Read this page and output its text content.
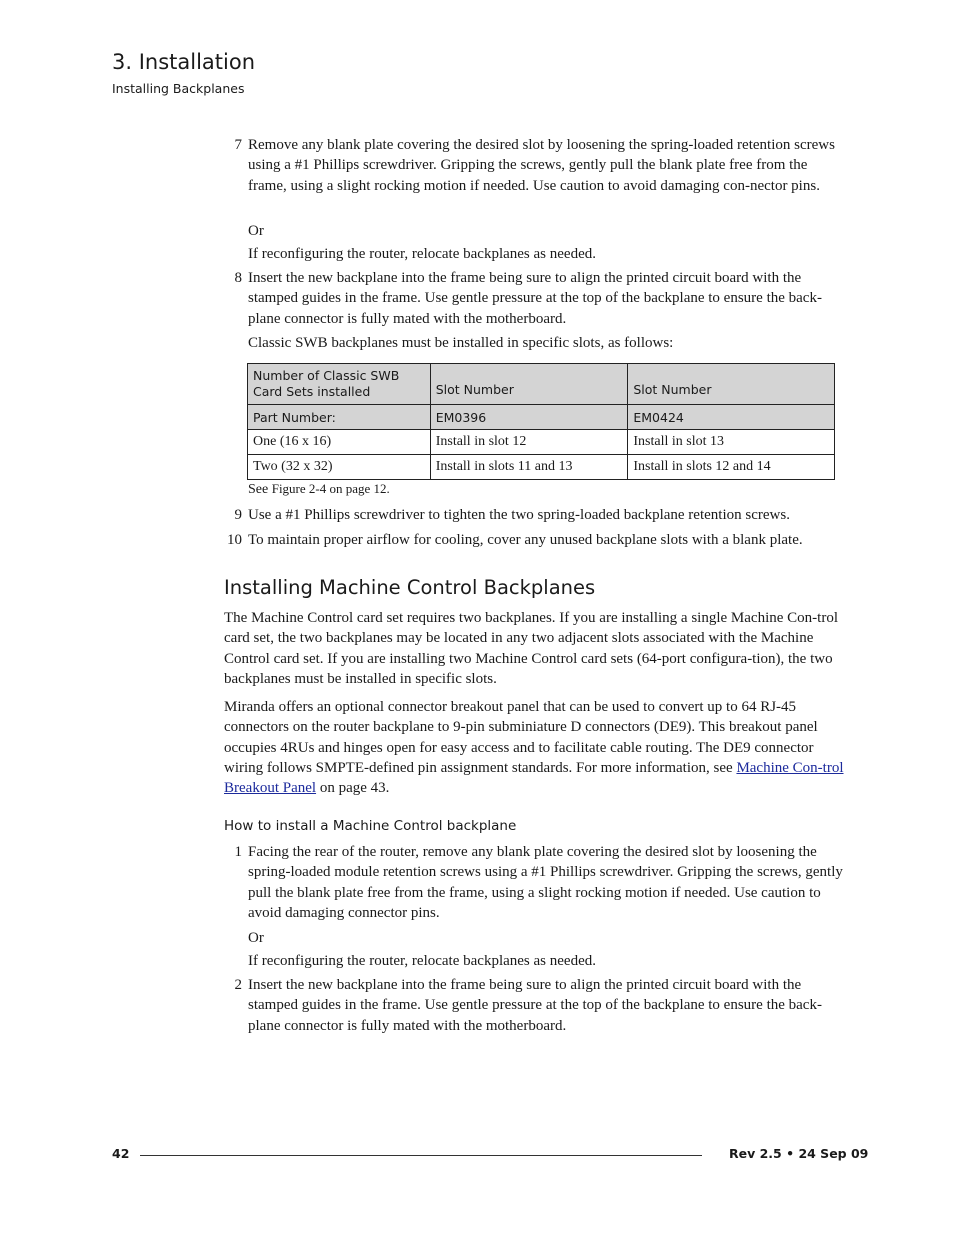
3. Installation
Installing Backplanes
7 Remove any blank plate covering the desired slot by loosening the spring-loaded retention screws using a #1 Phillips screwdriver. Gripping the screws, gently pull the blank plate free from the frame, using a slight rocking motion if needed. Use caution to avoid damaging con-nector pins.
Or
If reconfiguring the router, relocate backplanes as needed.
8 Insert the new backplane into the frame being sure to align the printed circuit board with the stamped guides in the frame. Use gentle pressure at the top of the backplane to ensure the back-plane connector is fully mated with the motherboard.
Classic SWB backplanes must be installed in specific slots, as follows:
Number of Classic SWB Card Sets installed	Slot Number	Slot Number
Part Number:	EM0396	EM0424
One (16 x 16)	Install in slot 12	Install in slot 13
Two (32 x 32)	Install in slots 11 and 13	Install in slots 12 and 14
See Figure 2-4 on page 12.
9 Use a #1 Phillips screwdriver to tighten the two spring-loaded backplane retention screws.
10 To maintain proper airflow for cooling, cover any unused backplane slots with a blank plate.
Installing Machine Control Backplanes
The Machine Control card set requires two backplanes. If you are installing a single Machine Con-trol card set, the two backplanes may be located in any two adjacent slots associated with the Machine Control card set. If you are installing two Machine Control card sets (64-port configura-tion), the two backplanes must be installed in specific slots.
Miranda offers an optional connector breakout panel that can be used to convert up to 64 RJ-45 connectors on the router backplane to 9-pin subminiature D connectors (DE9). This breakout panel occupies 4RUs and hinges open for easy access and to facilitate cable routing. The DE9 connector wiring follows SMPTE-defined pin assignment standards. For more information, see Machine Con-trol Breakout Panel on page 43.
How to install a Machine Control backplane
1 Facing the rear of the router, remove any blank plate covering the desired slot by loosening the spring-loaded module retention screws using a #1 Phillips screwdriver. Gripping the screws, gently pull the blank plate free from the frame, using a slight rocking motion if needed. Use caution to avoid damaging connector pins.
Or
If reconfiguring the router, relocate backplanes as needed.
2 Insert the new backplane into the frame being sure to align the printed circuit board with the stamped guides in the frame. Use gentle pressure at the top of the backplane to ensure the back-plane connector is fully mated with the motherboard.
42	Rev 2.5 • 24 Sep 09
